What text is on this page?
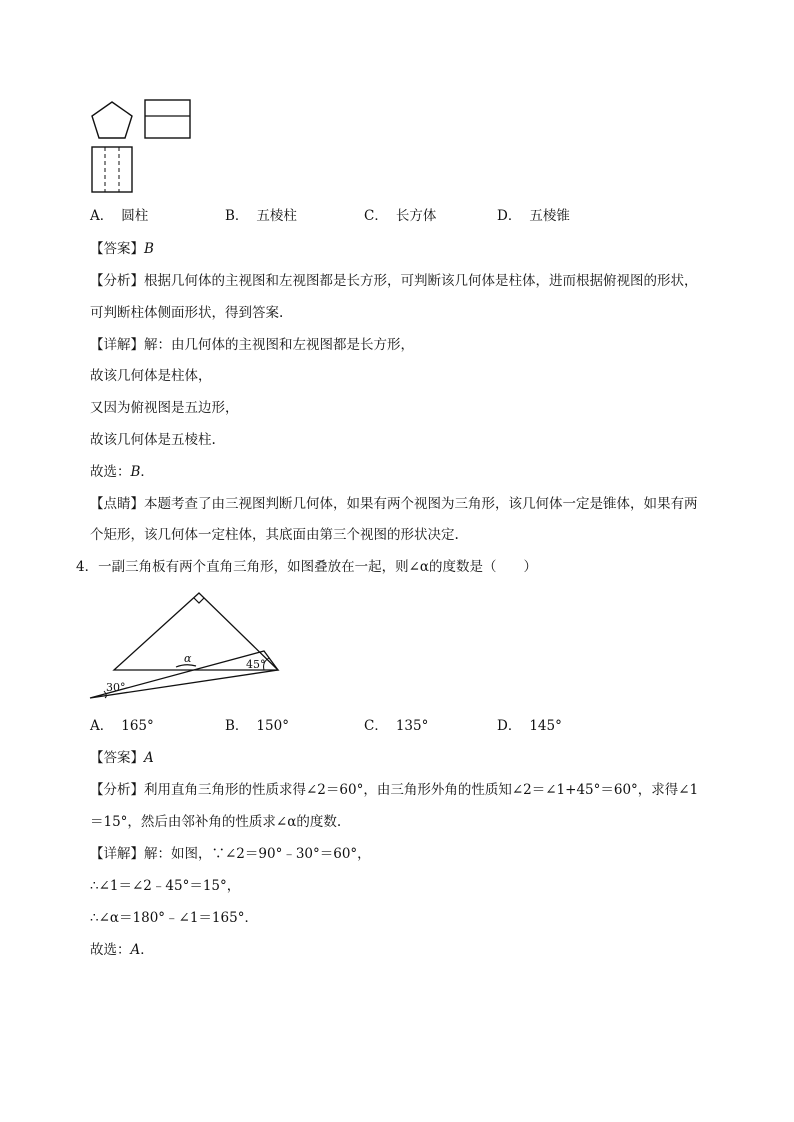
A． 圆柱	B． 五棱柱	C． 长方体	D． 五棱锥
【答案】B
【分析】根据几何体的主视图和左视图都是长方形，可判断该几何体是柱体，进而根据俯视图的形状，
可判断柱体侧面形状，得到答案.
【详解】解：由几何体的主视图和左视图都是长方形，
故该几何体是柱体，
又因为俯视图是五边形，
故该几何体是五棱柱.
故选：B．
【点睛】本题考查了由三视图判断几何体，如果有两个视图为三角形，该几何体一定是锥体，如果有两
个矩形，该几何体一定柱体，其底面由第三个视图的形状决定.
4．一副三角板有两个直角三角形，如图叠放在一起，则∠α的度数是（　　）
α	45°
30°
A． 165°	B． 150°	C． 135°	D． 145°
【答案】A
【分析】利用直角三角形的性质求得∠2＝60°，由三角形外角的性质知∠2＝∠1+45°＝60°，求得∠1
＝15°，然后由邻补角的性质求∠α的度数.
【详解】解：如图，∵∠2＝90°﹣30°＝60°，
∴∠1＝∠2﹣45°＝15°，
∴∠α＝180°﹣∠1＝165°．
故选：A．
